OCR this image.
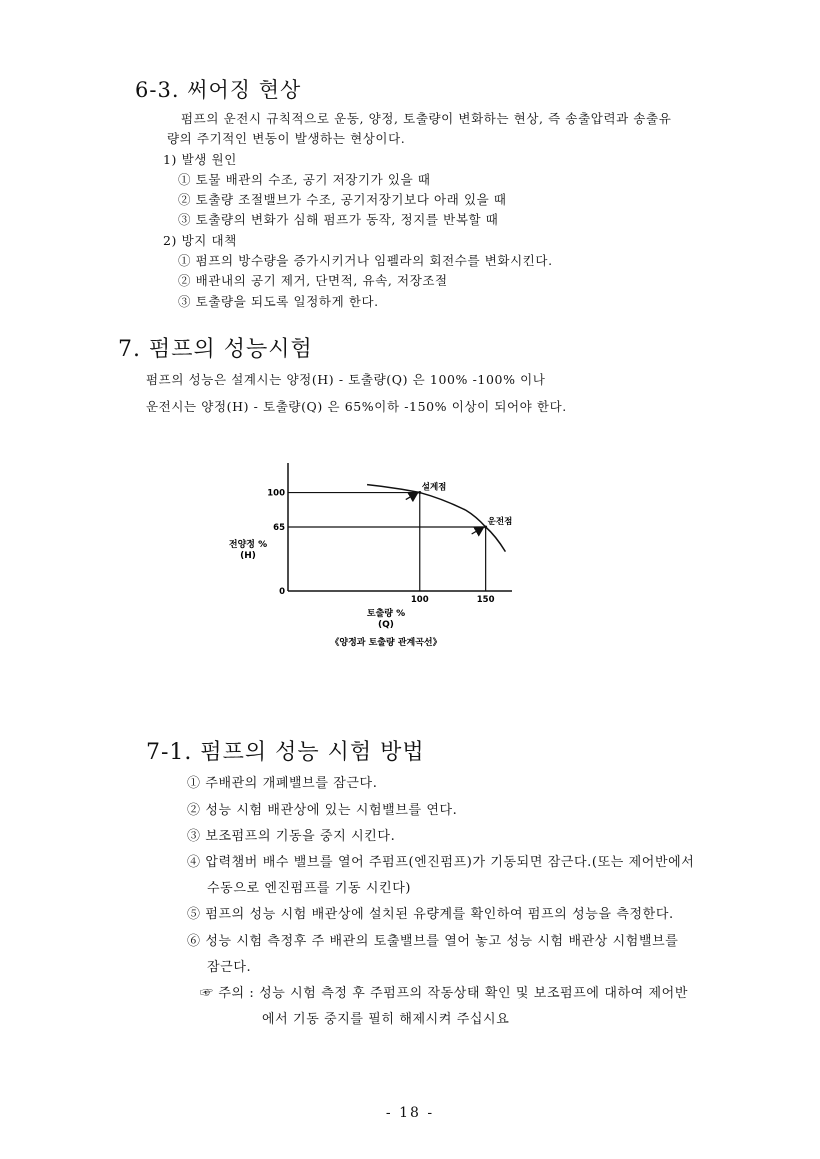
6-3. 써어징 현상
펌프의 운전시 규칙적으로 운동, 양정, 토출량이 변화하는 현상, 즉 송출압력과 송출유
량의 주기적인 변동이 발생하는 현상이다.
1) 발생 원인
① 토물 배관의 수조, 공기 저장기가 있을 때
② 토출량 조절밸브가 수조, 공기저장기보다 아래 있을 때
③ 토출량의 변화가 심해 펌프가 동작, 정지를 반복할 때
2) 방지 대책
① 펌프의 방수량을 증가시키거나 임펠라의 회전수를 변화시킨다.
② 배관내의 공기 제거, 단면적, 유속, 저장조절
③ 토출량을 되도록 일정하게 한다.
7. 펌프의 성능시험
펌프의 성능은 설계시는 양정(H) - 토출량(Q) 은 100% -100% 이나
운전시는 양정(H) - 토출량(Q) 은 65%이하 -150% 이상이 되어야 한다.
100
65
0
100	150
설계점
운전점
전양정 %
(H)
토출량 %
(Q)
《양정과 토출량 관계곡선》
7-1. 펌프의 성능 시험 방법
① 주배관의 개폐밸브를 잠근다.
② 성능 시험 배관상에 있는 시험밸브를 연다.
③ 보조펌프의 기동을 중지 시킨다.
④ 압력챔버 배수 밸브를 열어 주펌프(엔진펌프)가 기동되면 잠근다.(또는 제어반에서
수동으로 엔진펌프를 기동 시킨다)
⑤ 펌프의 성능 시험 배관상에 설치된 유량계를 확인하여 펌프의 성능을 측정한다.
⑥ 성능 시험 측정후 주 배관의 토출밸브를 열어 놓고 성능 시험 배관상 시험밸브를
잠근다.
☞ 주의 : 성능 시험 측정 후 주펌프의 작동상태 확인 및 보조펌프에 대하여 제어반
에서 기동 중지를 필히 해제시켜 주십시요
- 18 -
